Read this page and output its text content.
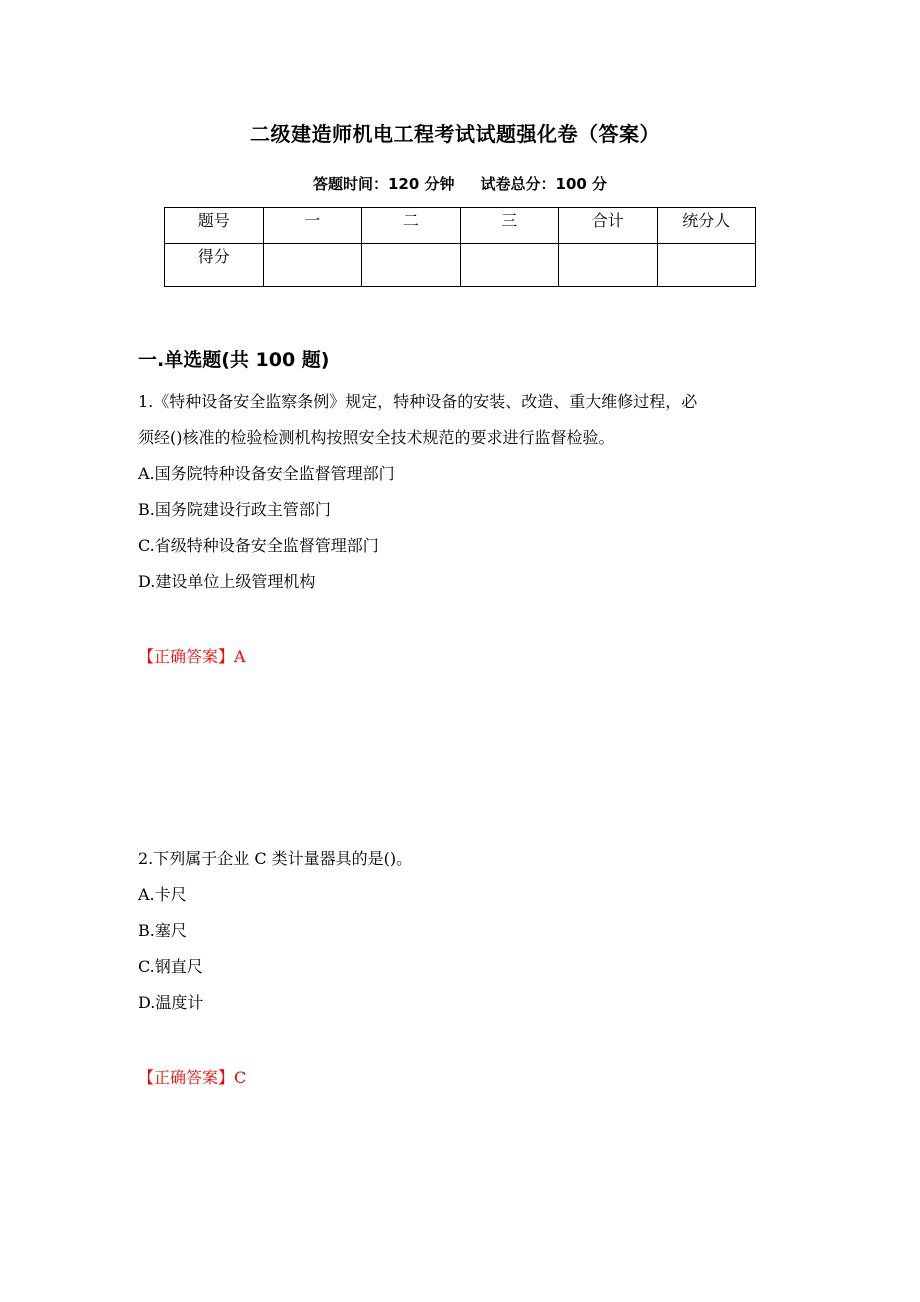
二级建造师机电工程考试试题强化卷（答案）
答题时间：120 分钟 试卷总分：100 分
题号	一	二	三	合计	统分人
得分					
一.单选题(共 100 题)

1.《特种设备安全监察条例》规定，特种设备的安装、改造、重大维修过程，必

须经()核准的检验检测机构按照安全技术规范的要求进行监督检验。

A.国务院特种设备安全监督管理部门

B.国务院建设行政主管部门

C.省级特种设备安全监督管理部门

D.建设单位上级管理机构

【正确答案】A

2.下列属于企业 C 类计量器具的是()。

A.卡尺

B.塞尺

C.钢直尺

D.温度计

【正确答案】C
